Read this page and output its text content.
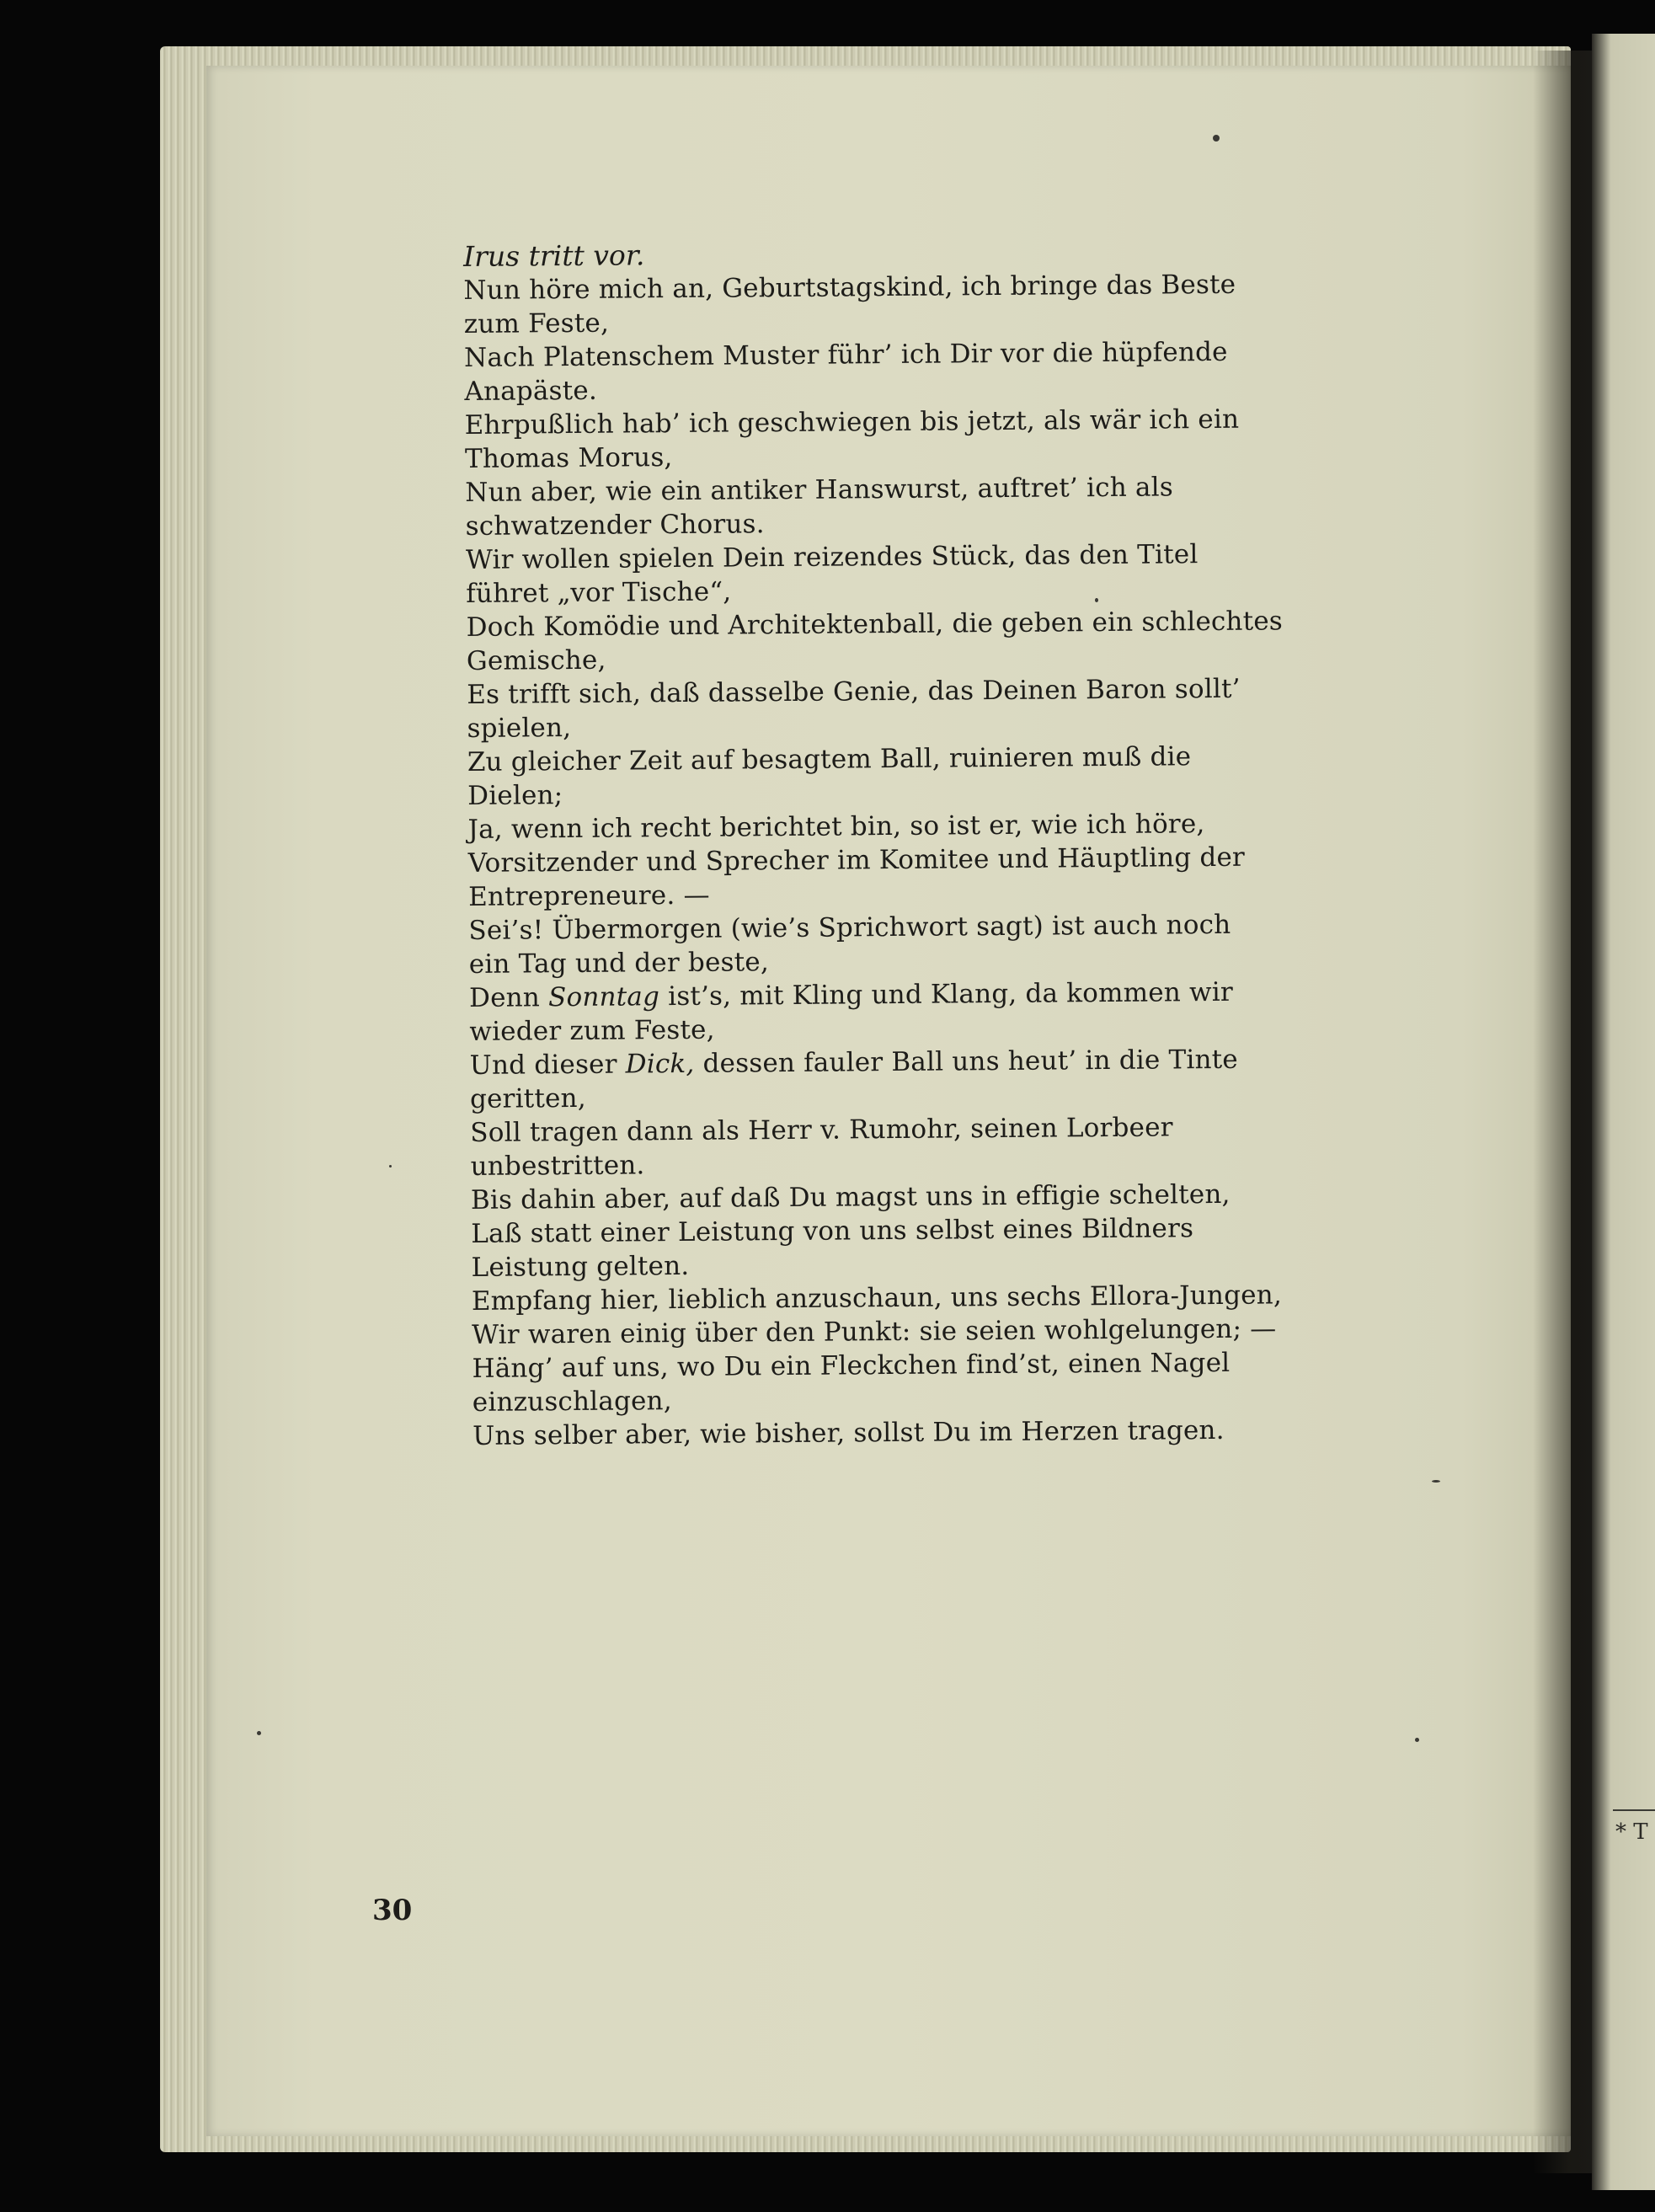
* T
Irus tritt vor.
Nun höre mich an, Geburtstagskind, ich bringe das Beste
zum Feste,
Nach Platenschem Muster führ’ ich Dir vor die hüpfende
Anapäste.
Ehrpußlich hab’ ich geschwiegen bis jetzt, als wär ich ein
Thomas Morus,
Nun aber, wie ein antiker Hanswurst, auftret’ ich als
schwatzender Chorus.
Wir wollen spielen Dein reizendes Stück, das den Titel
führet „vor Tische“,
Doch Komödie und Architektenball, die geben ein schlechtes
Gemische,
Es trifft sich, daß dasselbe Genie, das Deinen Baron sollt’
spielen,
Zu gleicher Zeit auf besagtem Ball, ruinieren muß die
Dielen;
Ja, wenn ich recht berichtet bin, so ist er, wie ich höre,
Vorsitzender und Sprecher im Komitee und Häuptling der
Entrepreneure. —
Sei’s! Übermorgen (wie’s Sprichwort sagt) ist auch noch
ein Tag und der beste,
Denn Sonntag ist’s, mit Kling und Klang, da kommen wir
wieder zum Feste,
Und dieser Dick, dessen fauler Ball uns heut’ in die Tinte
geritten,
Soll tragen dann als Herr v. Rumohr, seinen Lorbeer
unbestritten.
Bis dahin aber, auf daß Du magst uns in effigie schelten,
Laß statt einer Leistung von uns selbst eines Bildners
Leistung gelten.
Empfang hier, lieblich anzuschaun, uns sechs Ellora-Jungen,
Wir waren einig über den Punkt: sie seien wohlgelungen; —
Häng’ auf uns, wo Du ein Fleckchen find’st, einen Nagel
einzuschlagen,
Uns selber aber, wie bisher, sollst Du im Herzen tragen.
30
